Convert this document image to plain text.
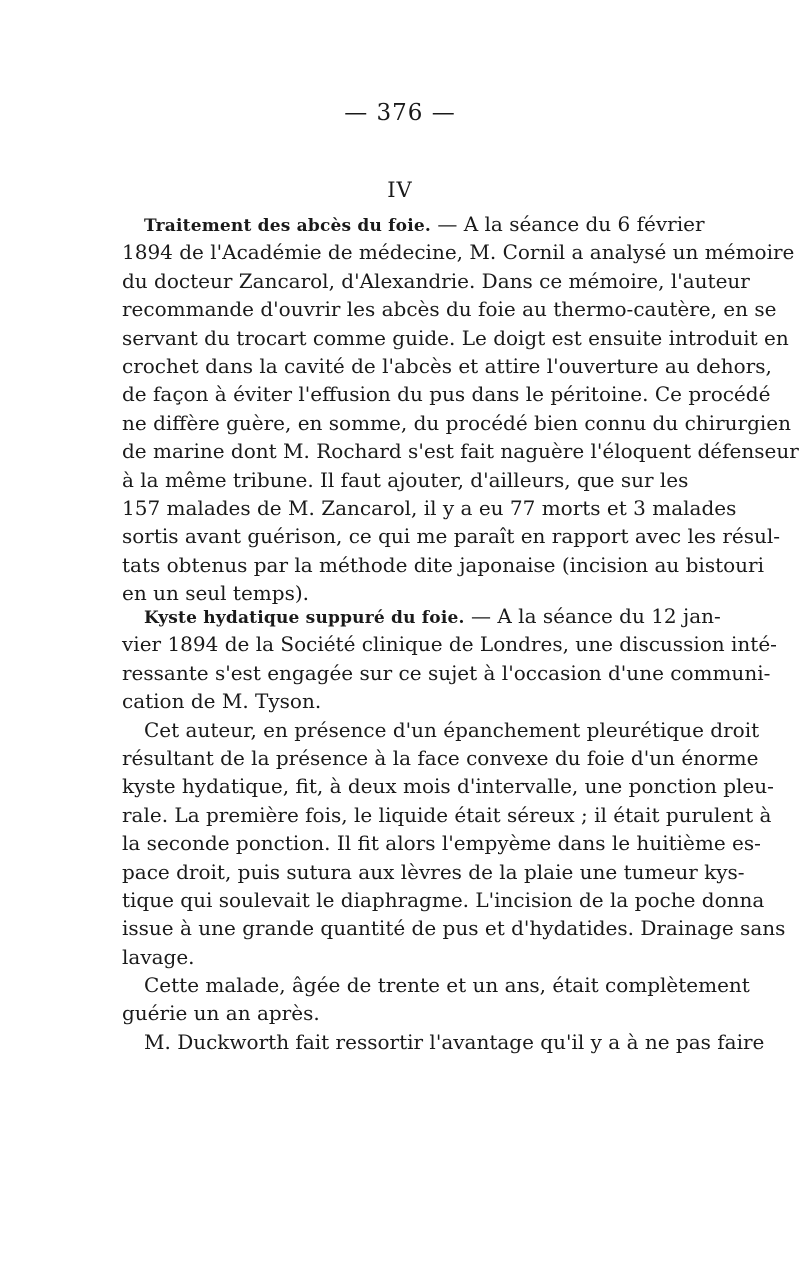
— 376 —
IV
Traitement des abcès du foie. — A la séance du 6 février
1894 de l'Académie de médecine, M. Cornil a analysé un mémoire
du docteur Zancarol, d'Alexandrie. Dans ce mémoire, l'auteur
recommande d'ouvrir les abcès du foie au thermo-cautère, en se
servant du trocart comme guide. Le doigt est ensuite introduit en
crochet dans la cavité de l'abcès et attire l'ouverture au dehors,
de façon à éviter l'effusion du pus dans le péritoine. Ce procédé
ne diffère guère, en somme, du procédé bien connu du chirurgien
de marine dont M. Rochard s'est fait naguère l'éloquent défenseur
à la même tribune. Il faut ajouter, d'ailleurs, que sur les
157 malades de M. Zancarol, il y a eu 77 morts et 3 malades
sortis avant guérison, ce qui me paraît en rapport avec les résul-
tats obtenus par la méthode dite japonaise (incision au bistouri
en un seul temps).
Kyste hydatique suppuré du foie. — A la séance du 12 jan-
vier 1894 de la Société clinique de Londres, une discussion inté-
ressante s'est engagée sur ce sujet à l'occasion d'une communi-
cation de M. Tyson.
Cet auteur, en présence d'un épanchement pleurétique droit
résultant de la présence à la face convexe du foie d'un énorme
kyste hydatique, fit, à deux mois d'intervalle, une ponction pleu-
rale. La première fois, le liquide était séreux ; il était purulent à
la seconde ponction. Il fit alors l'empyème dans le huitième es-
pace droit, puis sutura aux lèvres de la plaie une tumeur kys-
tique qui soulevait le diaphragme. L'incision de la poche donna
issue à une grande quantité de pus et d'hydatides. Drainage sans
lavage.
Cette malade, âgée de trente et un ans, était complètement
guérie un an après.
M. Duckworth fait ressortir l'avantage qu'il y a à ne pas faire
